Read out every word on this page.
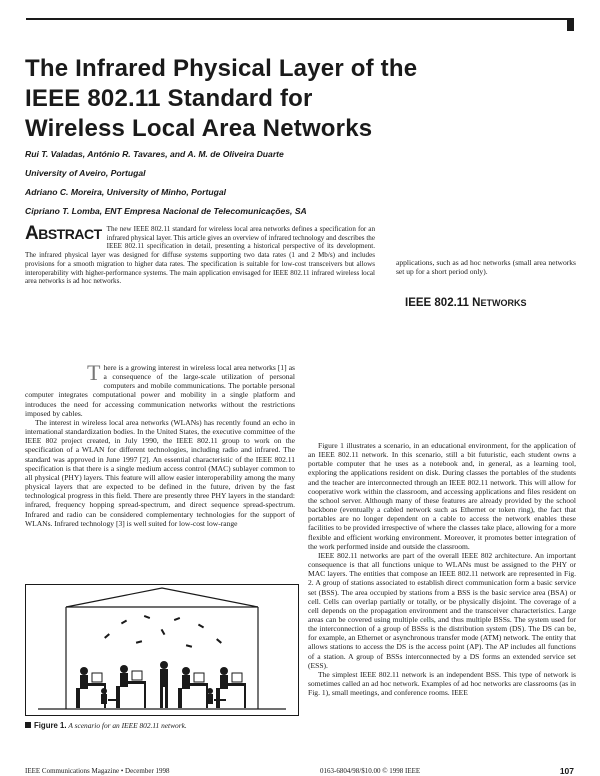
The Infrared Physical Layer of the
IEEE 802.11 Standard for
Wireless Local Area Networks
Rui T. Valadas, António R. Tavares, and A. M. de Oliveira Duarte
University of Aveiro, Portugal
Adriano C. Moreira, University of Minho, Portugal
Cipriano T. Lomba, ENT Empresa Nacional de Telecomunicações, SA
ABSTRACT The new IEEE 802.11 standard for wireless local area networks defines a specification for an infrared physical layer. This article gives an overview of infrared technology and describes the IEEE 802.11 specification in detail, presenting a historical perspective of its development. The infrared physical layer was designed for diffuse systems supporting two data rates (1 and 2 Mb/s) and includes provisions for a smooth migration to higher data rates. The specification is suitable for low-cost transceivers but allows interoperability with higher-performance systems. The main application envisaged for IEEE 802.11 infrared wireless local area networks is ad hoc networks.
applications, such as ad hoc networks (small area networks set up for a short period only).
IEEE 802.11 NETWORKS

There is a growing interest in wireless local area networks [1] as a consequence of the large-scale utilization of personal computers and mobile communications. The portable personal computer integrates computational power and mobility in a single platform and introduces the need for accessing communication networks without the restrictions imposed by cables.

The interest in wireless local area networks (WLANs) has recently found an echo in international standardization bodies. In the United States, the executive committee of the IEEE 802 project created, in July 1990, the IEEE 802.11 group to work on the specification of a WLAN for different technologies, including radio and infrared. The standard was approved in June 1997 [2]. An essential characteristic of the IEEE 802.11 specification is that there is a single medium access control (MAC) sublayer common to all physical (PHY) layers. This feature will allow easier interoperability among the many physical layers that are expected to be defined in the future, driven by the fast technological progress in this field. There are presently three PHY layers in the standard: infrared, frequency hopping spread-spectrum, and direct sequence spread-spectrum. Infrared and radio can be considered complementary technologies for the support of WLANs. Infrared technology [3] is well suited for low-cost low-range

Figure 1 illustrates a scenario, in an educational environment, for the application of an IEEE 802.11 network. In this scenario, still a bit futuristic, each student owns a portable computer that he uses as a notebook and, in general, as a learning tool, exploring the applications resident on disk. During classes the portables of the students and the teacher are interconnected through an IEEE 802.11 network. This will allow for cooperative work within the classroom, and accessing applications and files resident on the school server. Although many of these features are already provided by the school backbone (eventually a cabled network such as Ethernet or token ring), the fact that portables are no longer dependent on a cable to access the network enables these facilities to be provided irrespective of where the classes take place, allowing for a more flexible and efficient working environment. Moreover, it promotes better integration of the work performed inside and outside the classroom.

IEEE 802.11 networks are part of the overall IEEE 802 architecture. An important consequence is that all functions unique to WLANs must be assigned to the PHY or MAC layers. The entities that compose an IEEE 802.11 network are represented in Fig. 2. A group of stations associated to establish direct communication form a basic service set (BSS). The area occupied by stations from a BSS is the basic service area (BSA) or cell. Cells can overlap partially or totally, or be physically disjoint. The coverage of a cell depends on the propagation environment and the transceiver characteristics. Large areas can be covered using multiple cells, and thus multiple BSSs. The system used for the interconnection of a group of BSSs is the distribution system (DS). The DS can be, for example, an Ethernet or asynchronous transfer mode (ATM) network. The entity that allows stations to access the DS is the access point (AP). The AP includes all functions of a station. A group of BSSs interconnected by a DS forms an extended service set (ESS).

The simplest IEEE 802.11 network is an independent BSS. This type of network is sometimes called an ad hoc network. Examples of ad hoc networks are classrooms (as in Fig. 1), small meetings, and conference rooms. IEEE

Figure 1. A scenario for an IEEE 802.11 network.
IEEE Communications Magazine • December 1998	0163-6804/98/$10.00 © 1998 IEEE	107
